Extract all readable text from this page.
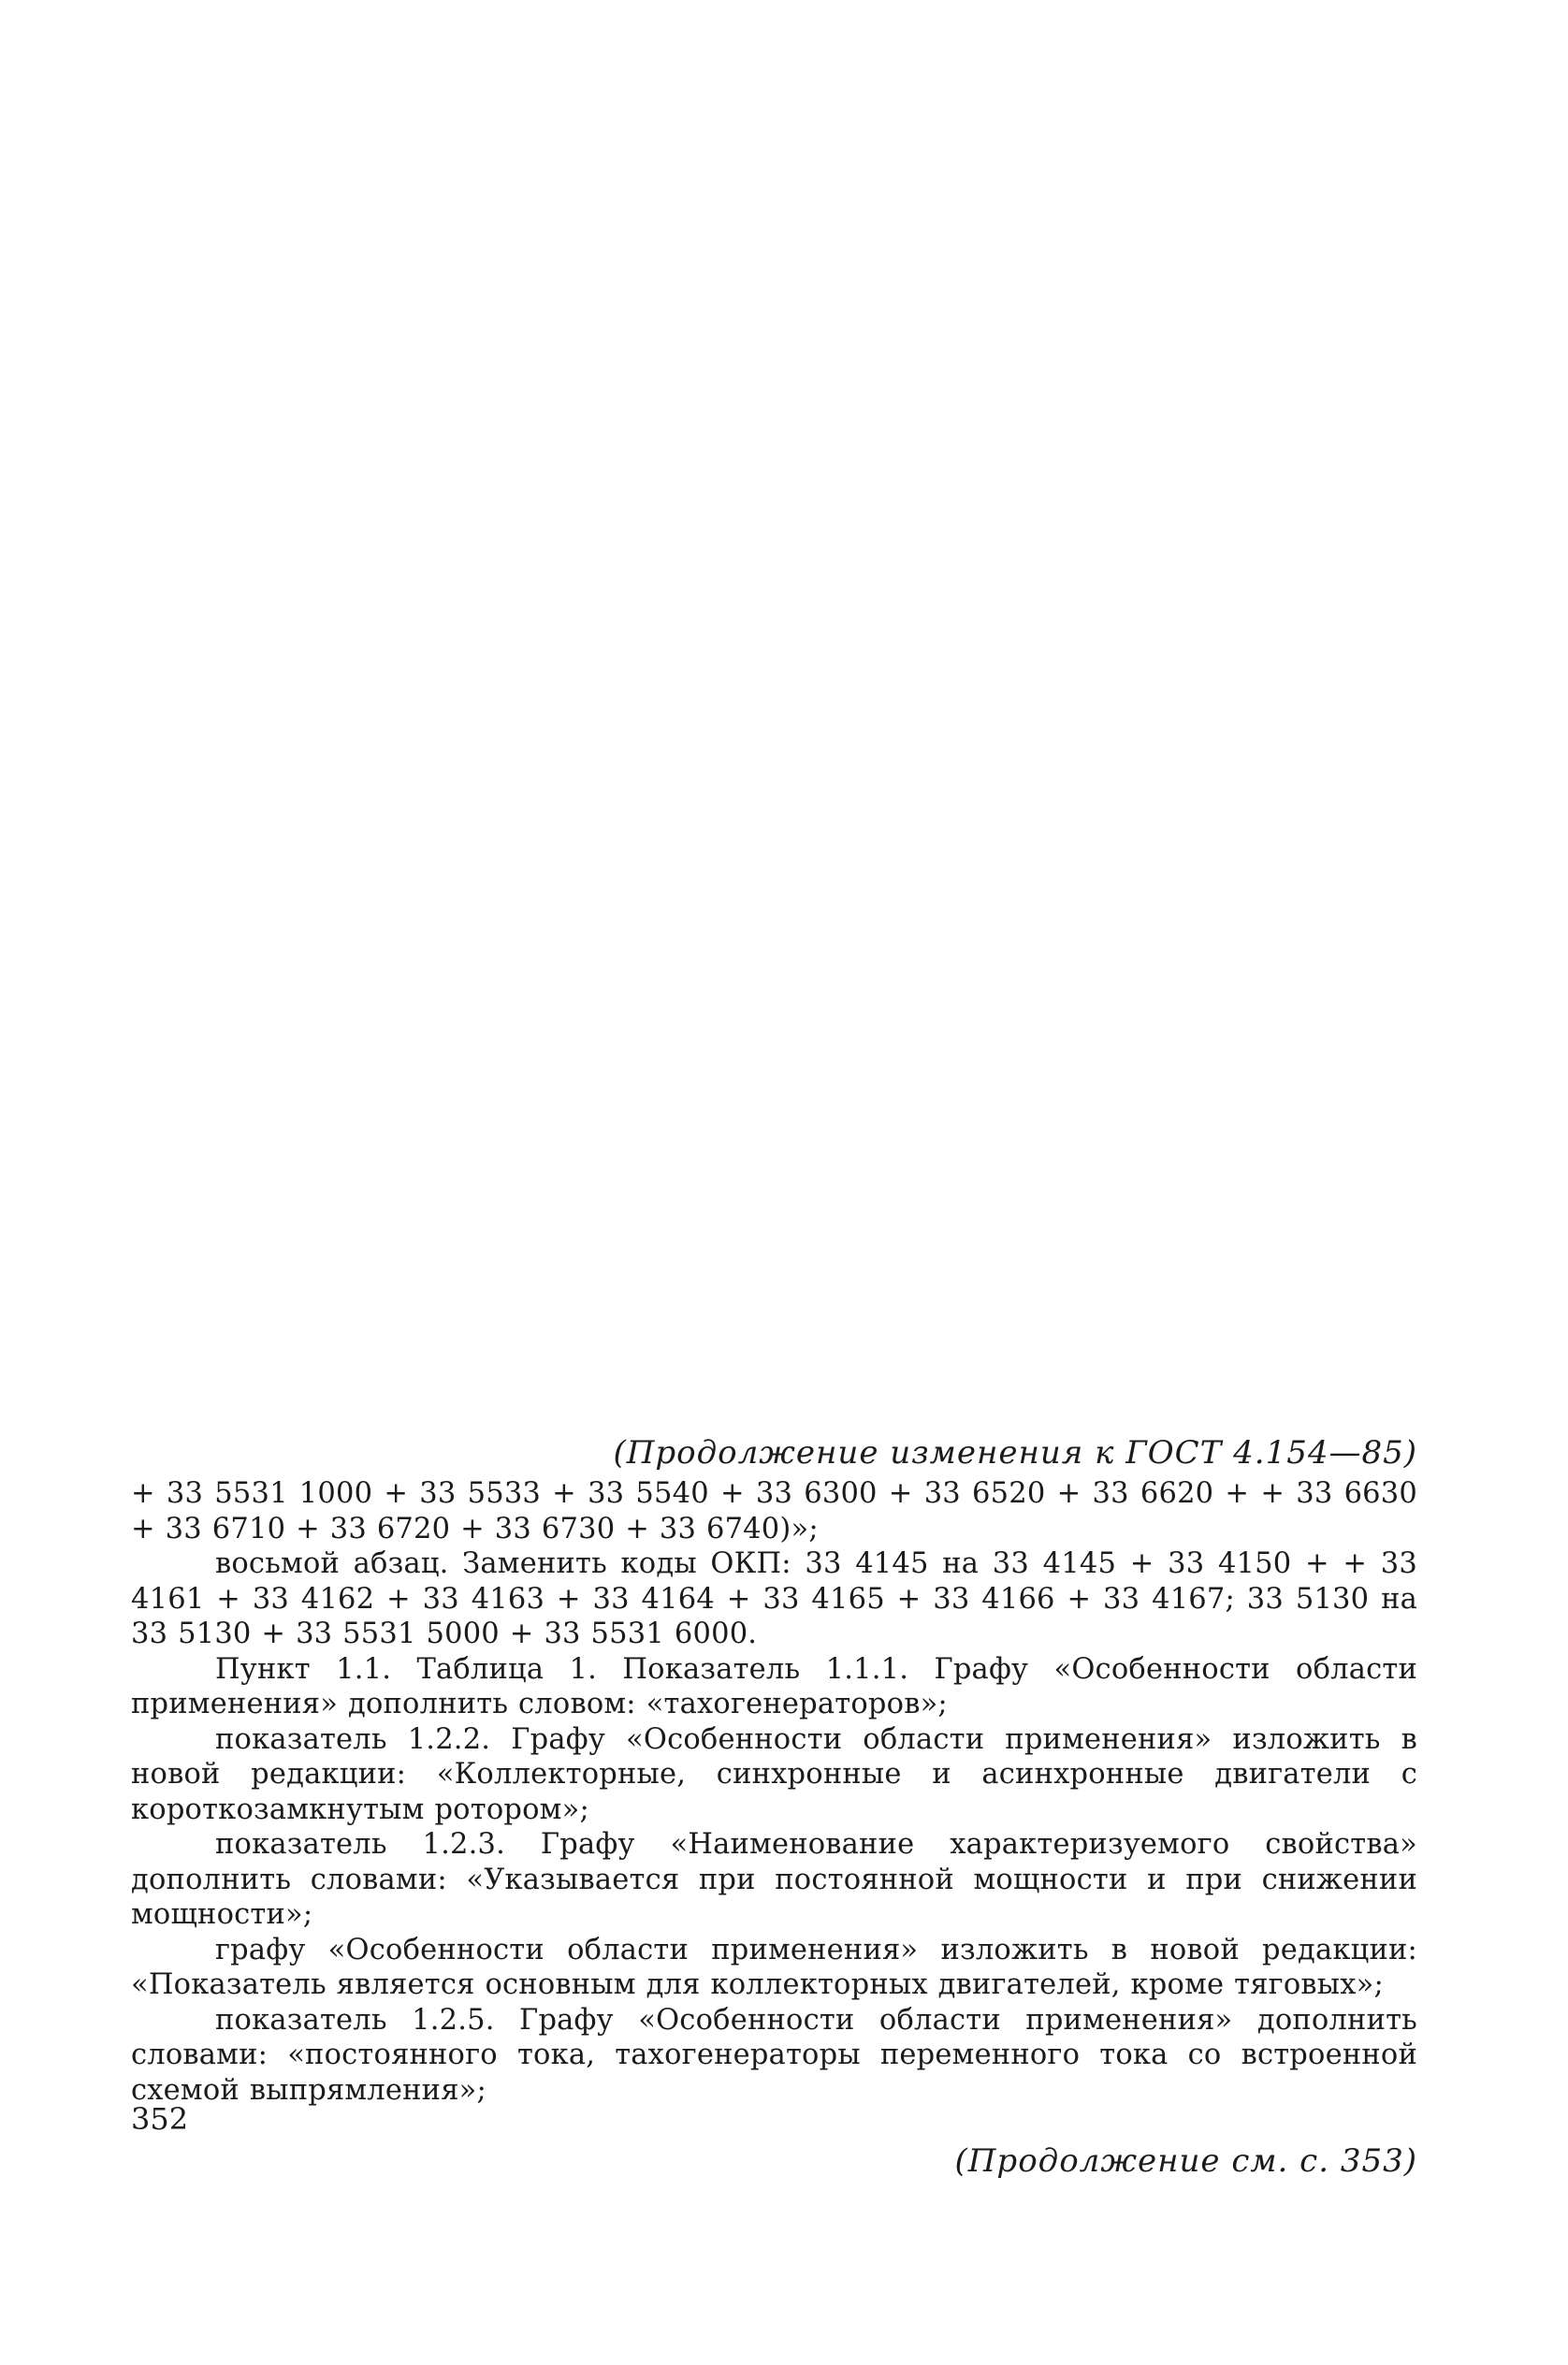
(Продолжение изменения к ГОСТ 4.154—85)

+ 33 5531 1000 + 33 5533 + 33 5540 + 33 6300 + 33 6520 + 33 6620 + + 33 6630 + 33 6710 + 33 6720 + 33 6730 + 33 6740)»;

восьмой абзац. Заменить коды ОКП: 33 4145 на 33 4145 + 33 4150 + + 33 4161 + 33 4162 + 33 4163 + 33 4164 + 33 4165 + 33 4166 + 33 4167; 33 5130 на 33 5130 + 33 5531 5000 + 33 5531 6000.

Пункт 1.1. Таблица 1. Показатель 1.1.1. Графу «Особенности области применения» дополнить словом: «тахогенераторов»;

показатель 1.2.2. Графу «Особенности области применения» изложить в новой редакции: «Коллекторные, синхронные и асинхронные двигатели с короткозамкнутым ротором»;

показатель 1.2.3. Графу «Наименование характеризуемого свойства» дополнить словами: «Указывается при постоянной мощности и при снижении мощности»;

графу «Особенности области применения» изложить в новой редакции: «Показатель является основным для коллекторных двигателей, кроме тяговых»;

показатель 1.2.5. Графу «Особенности области применения» дополнить словами: «постоянного тока, тахогенераторы переменного тока со встроенной схемой выпрямления»;

(Продолжение см. с. 353)
352
